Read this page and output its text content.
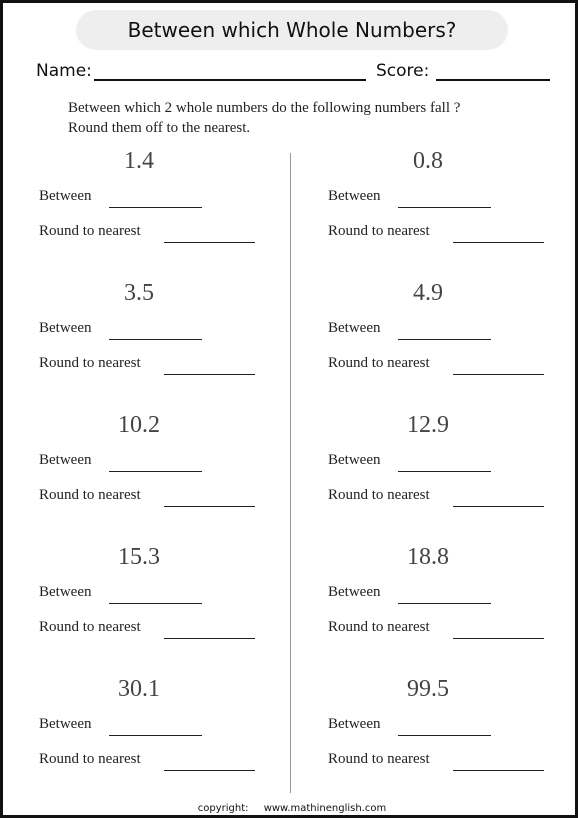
Between which Whole Numbers?
Name:	Score:
Between which 2 whole numbers do the following numbers fall ?
Round them off to the nearest.
1.4
Between
Round to nearest
0.8
Between
Round to nearest
3.5
Between
Round to nearest
4.9
Between
Round to nearest
10.2
Between
Round to nearest
12.9
Between
Round to nearest
15.3
Between
Round to nearest
18.8
Between
Round to nearest
30.1
Between
Round to nearest
99.5
Between
Round to nearest
copyright: www.mathinenglish.com
